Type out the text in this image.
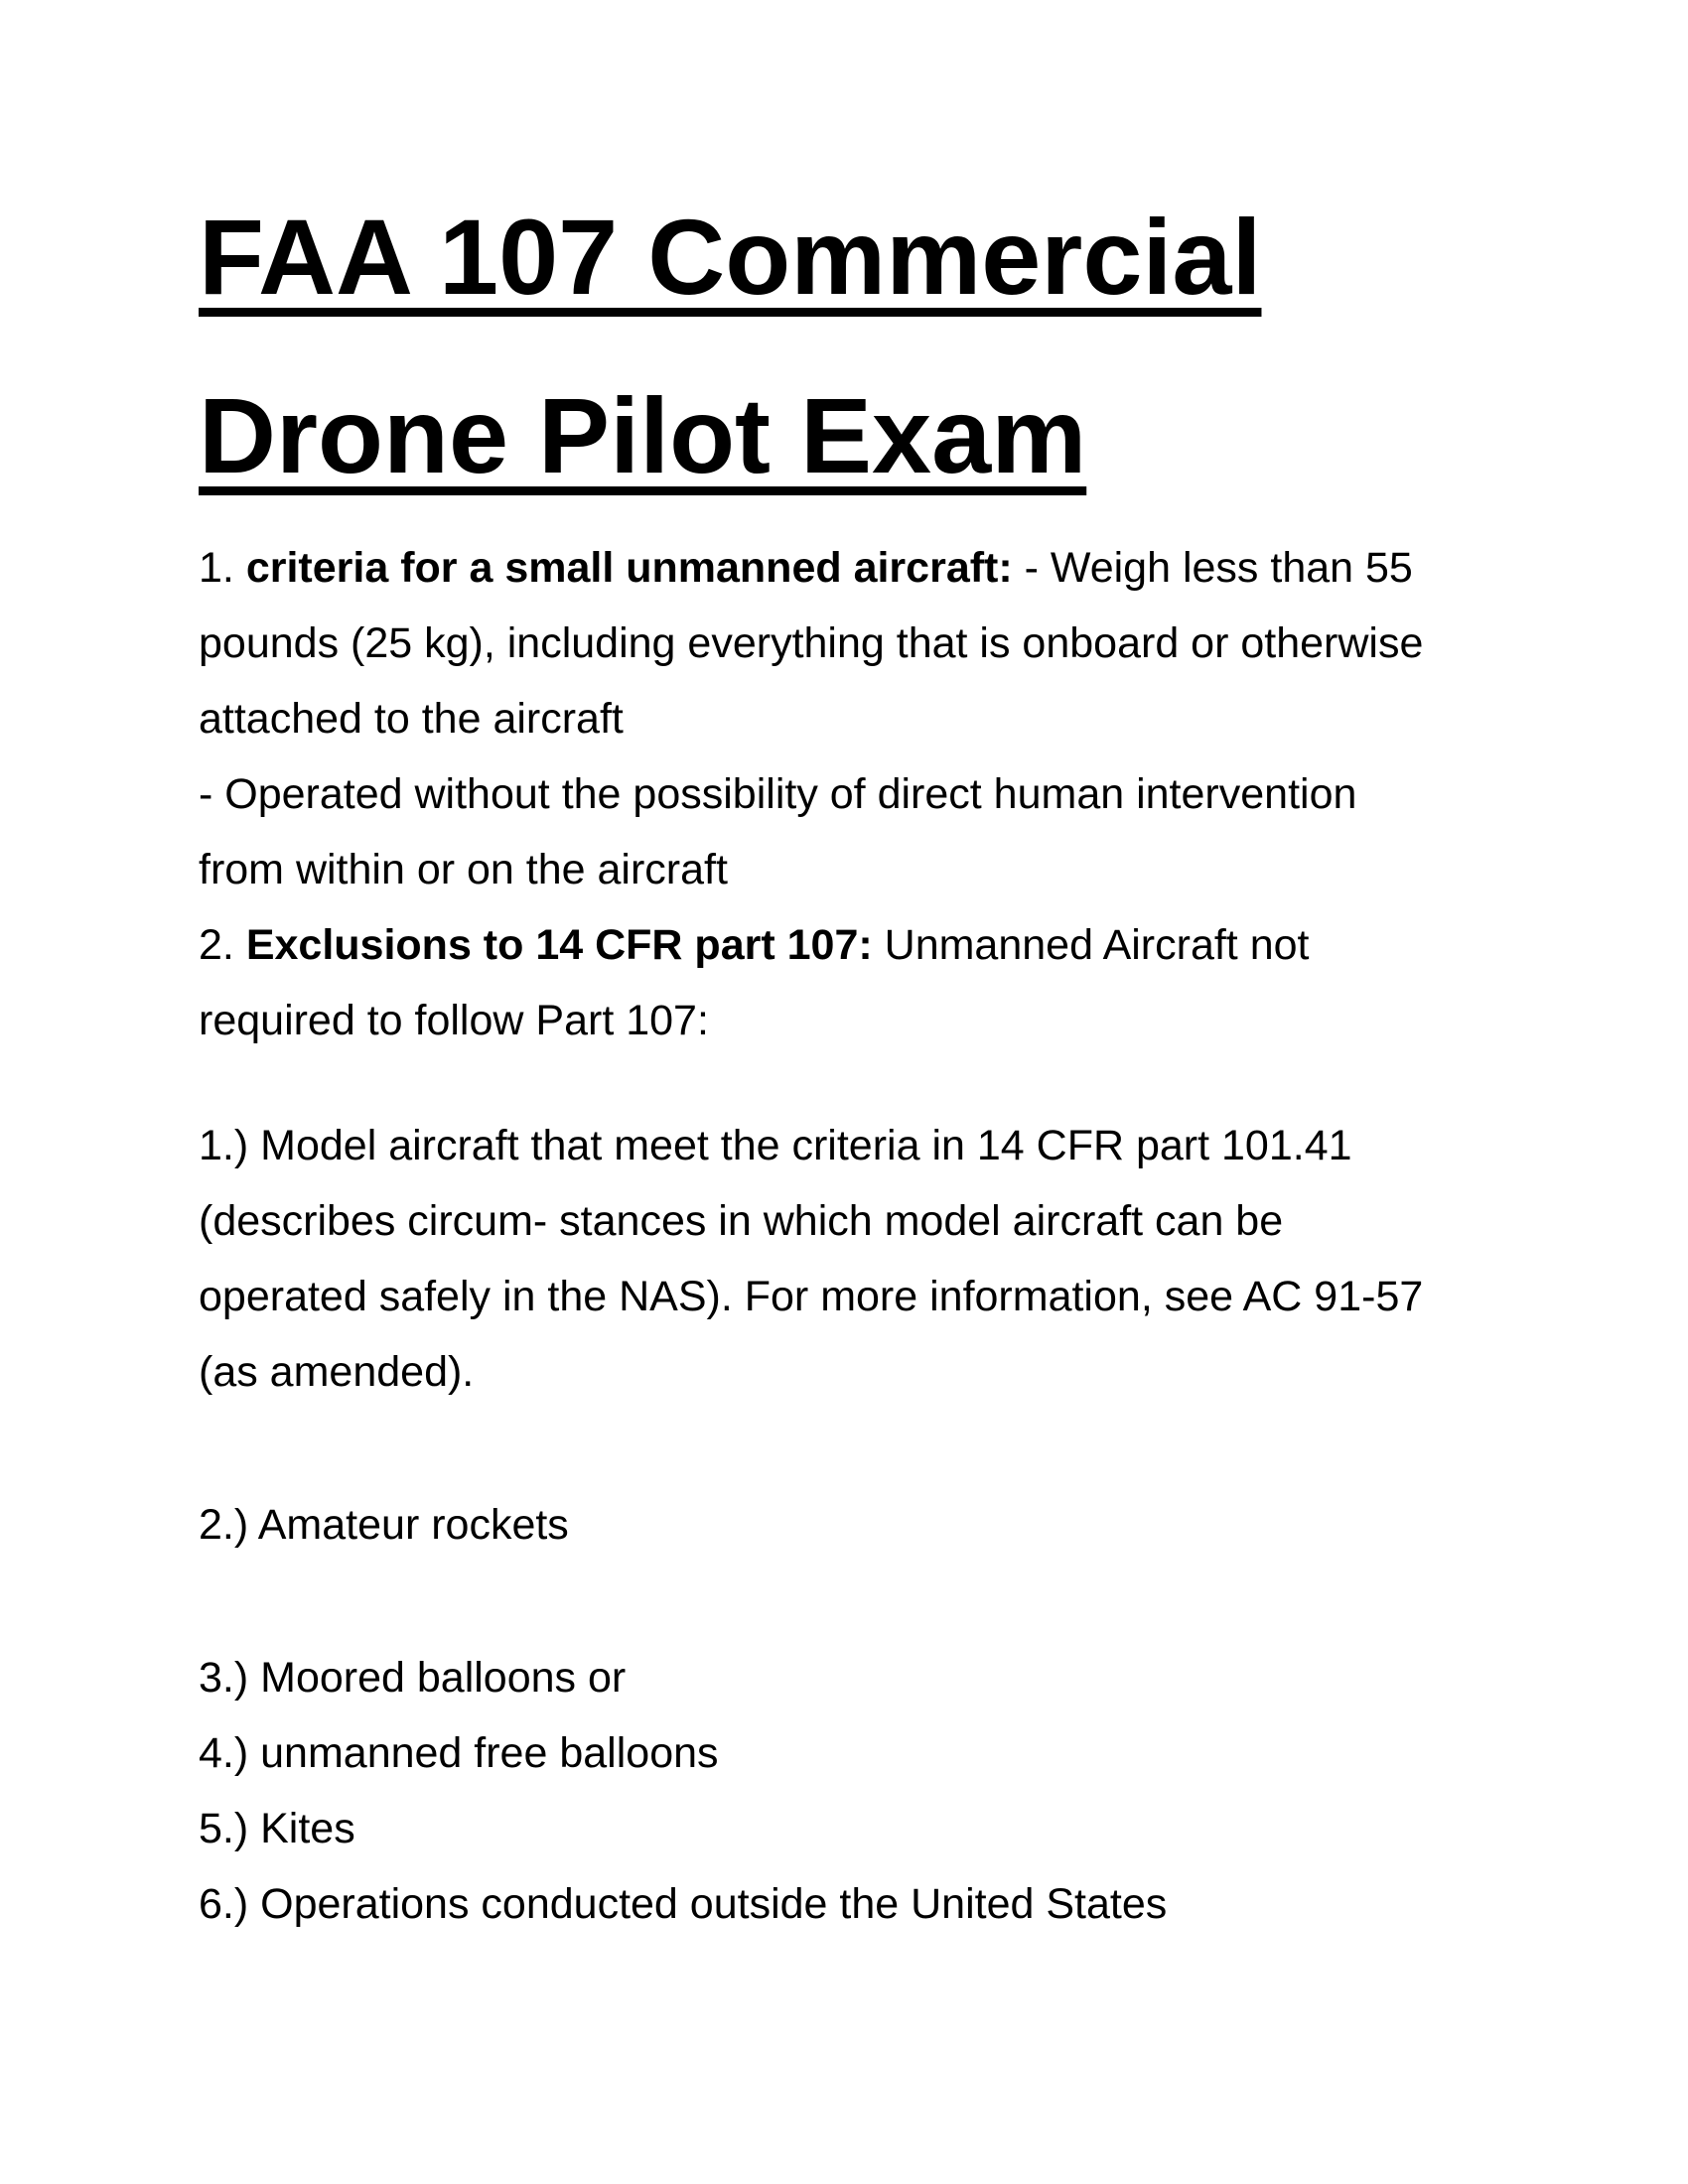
FAA 107 Commercial
Drone Pilot Exam
1. criteria for a small unmanned aircraft: - Weigh less than 55
pounds (25 kg), including everything that is onboard or otherwise
attached to the aircraft
- Operated without the possibility of direct human intervention
from within or on the aircraft
2. Exclusions to 14 CFR part 107: Unmanned Aircraft not
required to follow Part 107:
1.) Model aircraft that meet the criteria in 14 CFR part 101.41
(describes circum- stances in which model aircraft can be
operated safely in the NAS). For more information, see AC 91-57
(as amended).
2.) Amateur rockets
3.) Moored balloons or
4.) unmanned free balloons
5.) Kites
6.) Operations conducted outside the United States
